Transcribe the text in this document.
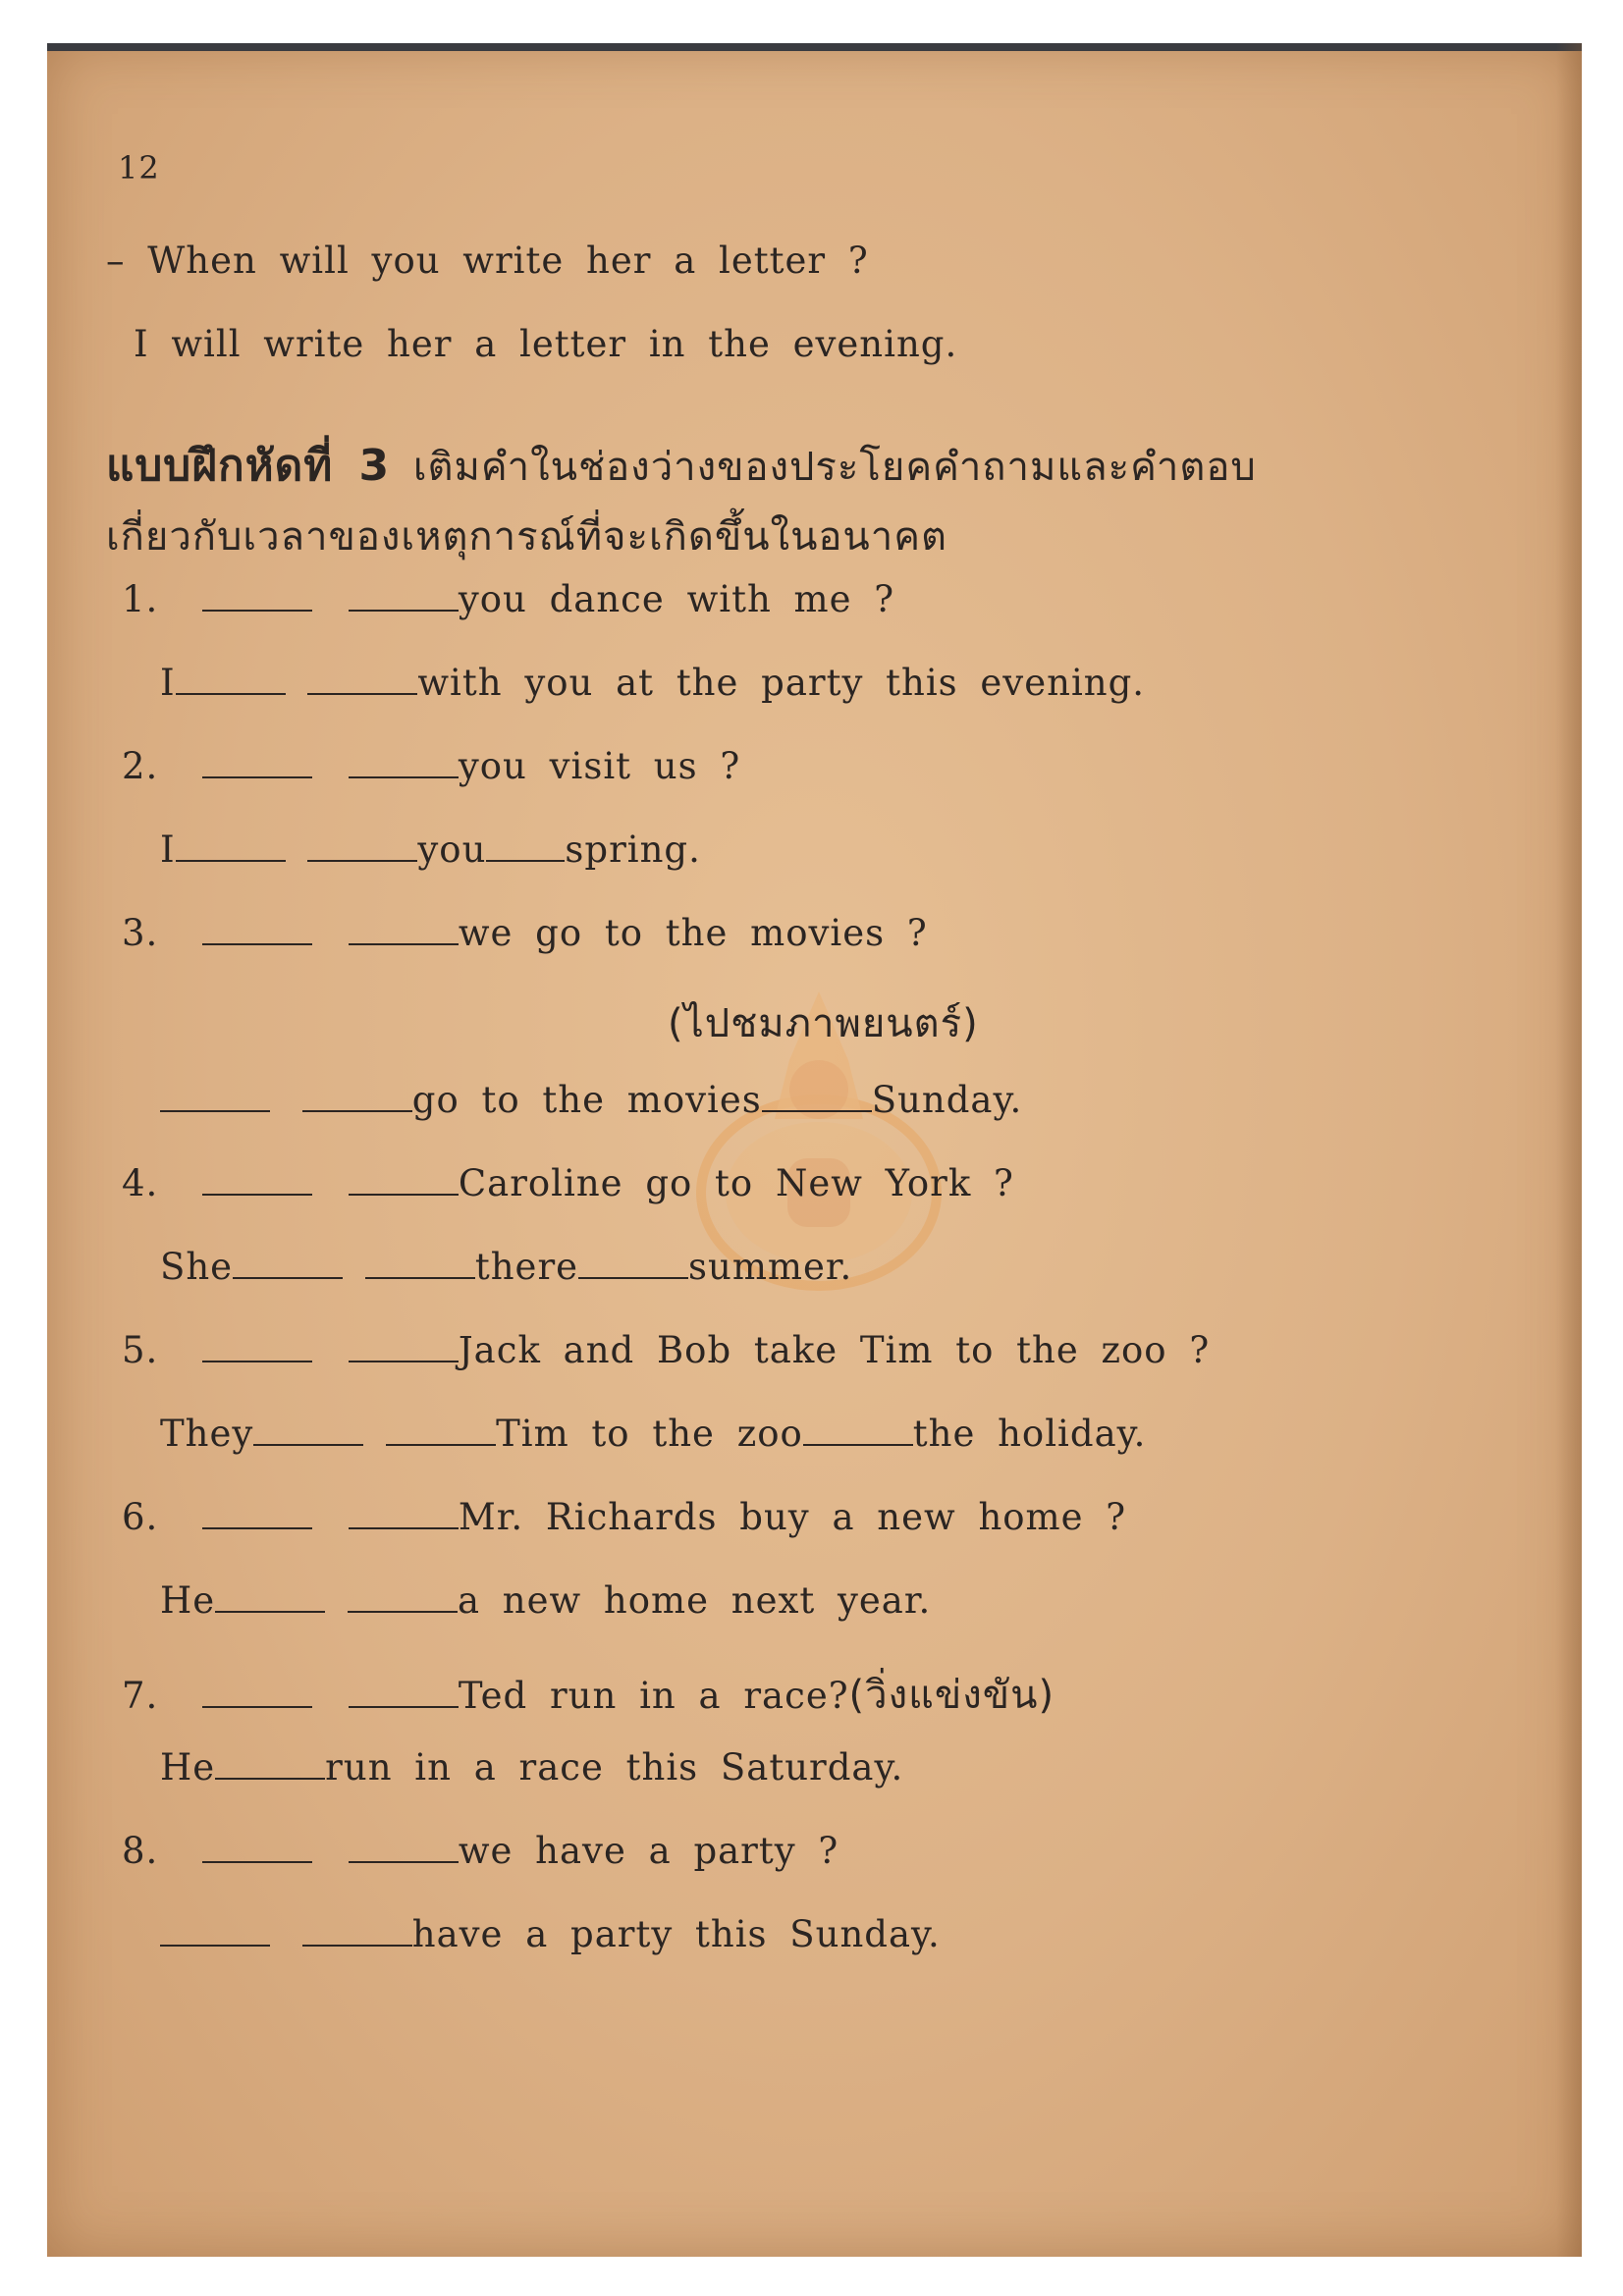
12
– When will you write her a letter ?
I will write her a letter in the evening.
แบบฝึกหัดที่ 3 เติมคำในช่องว่างของประโยคคำถามและคำตอบ
เกี่ยวกับเวลาของเหตุการณ์ที่จะเกิดขึ้นในอนาคต
1.	you dance with me ?
I	with you at the party this evening.
2.	you visit us ?
I	you spring.
3.	we go to the movies ?
(ไปชมภาพยนตร์)
go to the movies	Sunday.
4.	Caroline go to New York ?
She	there	summer.
5.	Jack and Bob take Tim to the zoo ?
They	Tim to the zoo	the holiday.
6.	Mr. Richards buy a new home ?
He	a new home next year.
7.	Ted run in a race?(วิ่งแข่งขัน)
He	run in a race this Saturday.
8.	we have a party ?
have a party this Sunday.
